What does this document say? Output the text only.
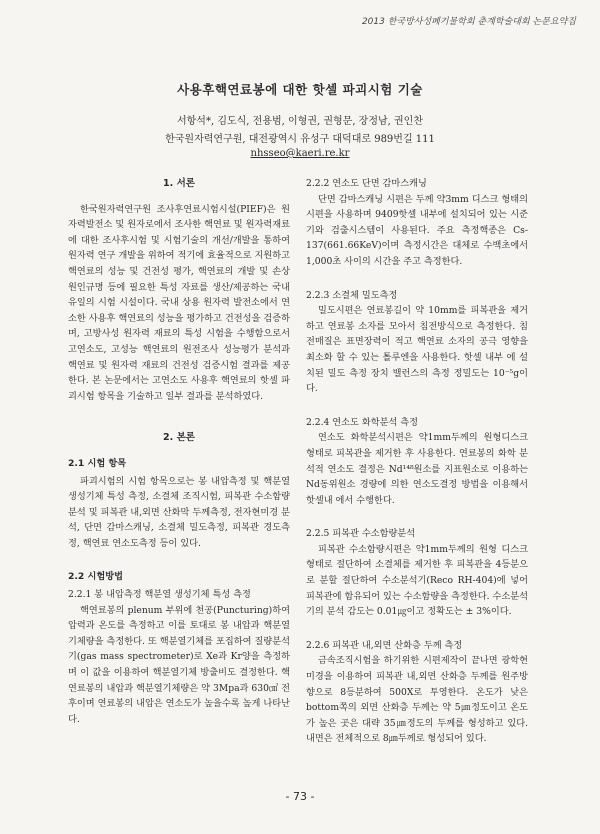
2013 한국방사성폐기물학회 춘계학술대회 논문요약집
사용후핵연료봉에 대한 핫셀 파괴시험 기술
서항석*, 김도식, 전용범, 이형권, 권형문, 장정남, 권인찬
한국원자력연구원, 대전광역시 유성구 대덕대로 989번길 111
nhsseo@kaeri.re.kr
1. 서론

한국원자력연구원 조사후연료시험시설(PIEF)은 원자력발전소 및 원자로에서 조사한 핵연료 및 원자력재료에 대한 조사후시험 및 시험기술의 개선/개발을 통하여 원자력 연구 개발을 위하여 적기에 효율적으로 지원하고 핵연료의 성능 및 건전성 평가, 핵연료의 개발 및 손상 원인규명 등에 필요한 특성 자료를 생산/제공하는 국내 유일의 시험 시설이다. 국내 상용 원자력 발전소에서 연소한 사용후 핵연료의 성능을 평가하고 건전성을 검증하며, 고방사성 원자력 재료의 특성 시험을 수행함으로서 고연소도, 고성능 핵연료의 원전조사 성능평가 분석과 핵연료 및 원자력 재료의 건전성 검증시험 결과를 제공 한다. 본 논문에서는 고연소도 사용후 핵연료의 핫셀 파괴시험 항목을 기술하고 일부 결과를 분석하였다.

2. 본론
2.1 시험 항목

파괴시험의 시험 항목으로는 봉 내압측정 및 핵분열 생성기체 특성 측정, 소결체 조직시험, 피복관 수소함량 분석 및 피복관 내,외면 산화막 두께측정, 전자현미경 분석, 단면 감마스캐닝, 소결체 밀도측정, 피복관 경도측정, 핵연료 연소도측정 등이 있다.

2.2 시험방법
2.2.1 봉 내압측정 핵분열 생성기체 특성 측정

핵연료봉의 plenum 부위에 천공(Puncturing)하여 압력과 온도를 측정하고 이를 토대로 봉 내압과 핵분열 기체량을 측정한다. 또 핵분열기체를 포집하여 질량분석기(gas mass spectrometer)로 Xe과 Kr양을 측정하며 이 값을 이용하여 핵분열기체 방출비도 결정한다. 핵연료봉의 내압과 핵분열기체량은 약 3Mpa과 630㎤ 전후이며 연료봉의 내압은 연소도가 높을수록 높게 나타난다.

2.2.2 연소도 단면 감마스캐닝

단면 감마스캐닝 시편은 두께 약3mm 디스크 형태의 시편을 사용하며 9409핫셀 내부에 설치되어 있는 시준기와 검출시스템이 사용된다. 주요 측정핵종은 Cs-137(661.66KeV)이며 측정시간은 대체로 수백초에서 1,000초 사이의 시간을 주고 측정한다.

2.2.3 소결체 밀도측정

밀도시편은 연료봉길이 약 10mm를 피복관을 제거하고 연료봉 소자를 모아서 침전방식으로 측정한다. 침전매질은 표면장력이 적고 핵연료 소자의 공극 영향을 최소화 할 수 있는 톨루엔을 사용한다. 핫셀 내부 에 설치된 밀도 측정 장치 밸런스의 측정 정밀도는 10⁻⁵g이다.

2.2.4 연소도 화학분석 측정

연소도 화학분석시편은 약1mm두께의 원형디스크 형태로 피복관을 제거한 후 사용한다. 연료봉의 화학 분석적 연소도 결정은 Nd¹⁴⁸원소를 지표원소로 이용하는 Nd동위원소 경량에 의한 연소도결정 방법을 이용해서 핫셀내 에서 수행한다.

2.2.5 피복관 수소함량분석

피복관 수소함량시편은 약1mm두께의 원형 디스크형태로 절단하여 소결체를 제거한 후 피복관을 4등분으로 분할 절단하여 수소분석기(Reco RH-404)에 넣어 피복관에 함유되어 있는 수소함량을 측정한다. 수소분석기의 분석 감도는 0.01㎍이고 정확도는 ± 3%이다.

2.2.6 피복관 내,외면 산화층 두께 측정

금속조직시험을 하기위한 시편제작이 끝나면 광학현미경을 이용하여 피복관 내,외면 산화층 두께를 원주방향으로 8등분하여 500X로 투영한다. 온도가 낮은 bottom쪽의 외면 산화층 두께는 약 5㎛정도이고 온도가 높은 곳은 대략 35㎛정도의 두께를 형성하고 있다. 내면은 전체적으로 8㎛두께로 형성되어 있다.

- 73 -
